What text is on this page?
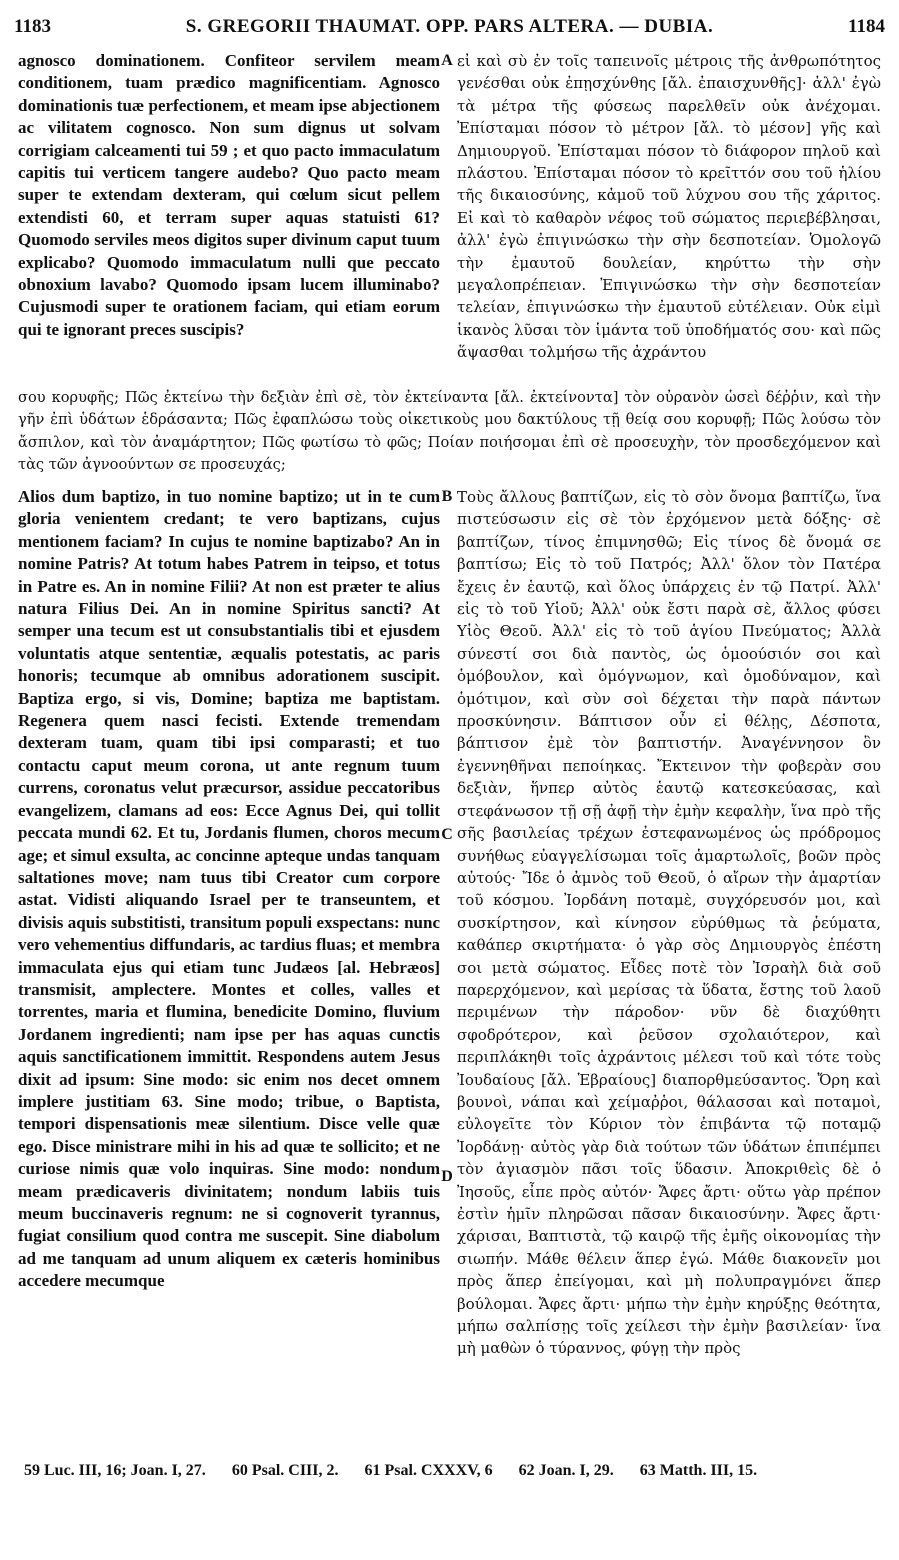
1183	S. GREGORII THAUMAT. OPP. PARS ALTERA. — DUBIA.	1184

agnosco dominationem. Confiteor servilem meam conditionem, tuam prædico magnificentiam. Agnosco dominationis tuæ perfectionem, et meam ipse abjectionem ac vilitatem cognosco. Non sum dignus ut solvam corrigiam calceamenti tui 59 ; et quo pacto immaculatum capitis tui verticem tangere audebo? Quo pacto meam super te extendam dexteram, qui cœlum sicut pellem extendisti 60, et terram super aquas statuisti 61? Quomodo serviles meos digitos super divinum caput tuum explicabo? Quomodo immaculatum nulli que peccato obnoxium lavabo? Quomodo ipsam lucem illuminabo? Cujusmodi super te orationem faciam, qui etiam eorum qui te ignorant preces suscipis?

εἰ καὶ σὺ ἐν τοῖς ταπεινοῖς μέτροις τῆς ἀνθρωπότητος γενέσθαι οὐκ ἐπῃσχύνθης [ἄλ. ἐπαισχυνθῆς]· ἀλλ' ἐγὼ τὰ μέτρα τῆς φύσεως παρελθεῖν οὐκ ἀνέχομαι. Ἐπίσταμαι πόσον τὸ μέτρον [ἄλ. τὸ μέσον] γῆς καὶ Δημιουργοῦ. Ἐπίσταμαι πόσον τὸ διάφορον πηλοῦ καὶ πλάστου. Ἐπίσταμαι πόσον τὸ κρεῖττόν σου τοῦ ἡλίου τῆς δικαιοσύνης, κἀμοῦ τοῦ λύχνου σου τῆς χάριτος. Εἰ καὶ τὸ καθαρὸν νέφος τοῦ σώματος περιεβέβλησαι, ἀλλ' ἐγὼ ἐπιγινώσκω τὴν σὴν δεσποτείαν. Ὁμολογῶ τὴν ἐμαυτοῦ δουλείαν, κηρύττω τὴν σὴν μεγαλοπρέπειαν. Ἐπιγινώσκω τὴν σὴν δεσποτείαν τελείαν, ἐπιγινώσκω τὴν ἐμαυτοῦ εὐτέλειαν. Οὐκ εἰμὶ ἱκανὸς λῦσαι τὸν ἱμάντα τοῦ ὑποδήματός σου· καὶ πῶς ἅψασθαι τολμήσω τῆς ἀχράντου

σου κορυφῆς; Πῶς ἐκτείνω τὴν δεξιὰν ἐπὶ σὲ, τὸν ἐκτείναντα [ἄλ. ἐκτείνοντα] τὸν οὐρανὸν ὡσεὶ δέῤῥιν, καὶ τὴν γῆν ἐπὶ ὑδάτων ἑδράσαντα; Πῶς ἐφαπλώσω τοὺς οἰκετικοὺς μου δακτύλους τῇ θείᾳ σου κορυφῇ; Πῶς λούσω τὸν ἄσπιλον, καὶ τὸν ἀναμάρτητον; Πῶς φωτίσω τὸ φῶς; Ποίαν ποιήσομαι ἐπὶ σὲ προσευχὴν, τὸν προσδεχόμενον καὶ τὰς τῶν ἀγνοούντων σε προσευχάς;

Alios dum baptizo, in tuo nomine baptizo; ut in te cum gloria venientem credant; te vero baptizans, cujus mentionem faciam? In cujus te nomine baptizabo? An in nomine Patris? At totum habes Patrem in teipso, et totus in Patre es. An in nomine Filii? At non est præter te alius natura Filius Dei. An in nomine Spiritus sancti? At semper una tecum est ut consubstantialis tibi et ejusdem voluntatis atque sententiæ, æqualis potestatis, ac paris honoris; tecumque ab omnibus adorationem suscipit. Baptiza ergo, si vis, Domine; baptiza me baptistam. Regenera quem nasci fecisti. Extende tremendam dexteram tuam, quam tibi ipsi comparasti; et tuo contactu caput meum corona, ut ante regnum tuum currens, coronatus velut præcursor, assidue peccatoribus evangelizem, clamans ad eos: Ecce Agnus Dei, qui tollit peccata mundi 62. Et tu, Jordanis flumen, choros mecum age; et simul exsulta, ac concinne apteque undas tanquam saltationes move; nam tuus tibi Creator cum corpore astat. Vidisti aliquando Israel per te transeuntem, et divisis aquis substitisti, transitum populi exspectans: nunc vero vehementius diffundaris, ac tardius fluas; et membra immaculata ejus qui etiam tunc Judæos [al. Hebræos] transmisit, amplectere. Montes et colles, valles et torrentes, maria et flumina, benedicite Domino, fluvium Jordanem ingredienti; nam ipse per has aquas cunctis aquis sanctificationem immittit. Respondens autem Jesus dixit ad ipsum: Sine modo: sic enim nos decet omnem implere justitiam 63. Sine modo; tribue, o Baptista, tempori dispensationis meæ silentium. Disce velle quæ ego. Disce ministrare mihi in his ad quæ te sollicito; et ne curiose nimis quæ volo inquiras. Sine modo: nondum meam prædicaveris divinitatem; nondum labiis tuis meum buccinaveris regnum: ne si cognoverit tyrannus, fugiat consilium quod contra me suscepit. Sine diabolum ad me tanquam ad unum aliquem ex cæteris hominibus accedere mecumque

Τοὺς ἄλλους βαπτίζων, εἰς τὸ σὸν ὄνομα βαπτίζω, ἵνα πιστεύσωσιν εἰς σὲ τὸν ἐρχόμενον μετὰ δόξης· σὲ βαπτίζων, τίνος ἐπιμνησθῶ; Εἰς τίνος δὲ ὄνομά σε βαπτίσω; Εἰς τὸ τοῦ Πατρός; Ἀλλ' ὅλον τὸν Πατέρα ἔχεις ἐν ἑαυτῷ, καὶ ὅλος ὑπάρχεις ἐν τῷ Πατρί. Ἀλλ' εἰς τὸ τοῦ Υἱοῦ; Ἀλλ' οὐκ ἔστι παρὰ σὲ, ἄλλος φύσει Υἱὸς Θεοῦ. Ἀλλ' εἰς τὸ τοῦ ἁγίου Πνεύματος; Ἀλλὰ σύνεστί σοι διὰ παντὸς, ὡς ὁμοούσιόν σοι καὶ ὁμόβουλον, καὶ ὁμόγνωμον, καὶ ὁμοδύναμον, καὶ ὁμότιμον, καὶ σὺν σοὶ δέχεται τὴν παρὰ πάντων προσκύνησιν. Βάπτισον οὖν εἰ θέλῃς, Δέσποτα, βάπτισον ἐμὲ τὸν βαπτιστήν. Ἀναγέννησον ὃν ἐγεννηθῆναι πεποίηκας. Ἔκτεινον τὴν φοβερὰν σου δεξιὰν, ἥνπερ αὐτὸς ἑαυτῷ κατεσκεύασας, καὶ στεφάνωσον τῇ σῇ ἀφῇ τὴν ἐμὴν κεφαλὴν, ἵνα πρὸ τῆς σῆς βασιλείας τρέχων ἐστεφανωμένος ὡς πρόδρομος συνήθως εὐαγγελίσωμαι τοῖς ἁμαρτωλοῖς, βοῶν πρὸς αὐτούς· Ἴδε ὁ ἀμνὸς τοῦ Θεοῦ, ὁ αἴρων τὴν ἁμαρτίαν τοῦ κόσμου. Ἰορδάνη ποταμὲ, συγχόρευσόν μοι, καὶ συσκίρτησον, καὶ κίνησον εὐρύθμως τὰ ῥεύματα, καθάπερ σκιρτήματα· ὁ γὰρ σὸς Δημιουργὸς ἐπέστη σοι μετὰ σώματος. Εἶδες ποτὲ τὸν Ἰσραὴλ διὰ σοῦ παρερχόμενον, καὶ μερίσας τὰ ὕδατα, ἔστης τοῦ λαοῦ περιμένων τὴν πάροδον· νῦν δὲ διαχύθητι σφοδρότερον, καὶ ῥεῦσον σχολαιότερον, καὶ περιπλάκηθι τοῖς ἀχράντοις μέλεσι τοῦ καὶ τότε τοὺς Ἰουδαίους [ἄλ. Ἑβραίους] διαπορθμεύσαντος. Ὄρη καὶ βουνοὶ, νάπαι καὶ χείμαῤῥοι, θάλασσαι καὶ ποταμοὶ, εὐλογεῖτε τὸν Κύριον τὸν ἐπιβάντα τῷ ποταμῷ Ἰορδάνῃ· αὐτὸς γὰρ διὰ τούτων τῶν ὑδάτων ἐπιπέμπει τὸν ἁγιασμὸν πᾶσι τοῖς ὕδασιν. Ἀποκριθεὶς δὲ ὁ Ἰησοῦς, εἶπε πρὸς αὐτόν· Ἄφες ἄρτι· οὕτω γὰρ πρέπον ἐστὶν ἡμῖν πληρῶσαι πᾶσαν δικαιοσύνην. Ἄφες ἄρτι· χάρισαι, Βαπτιστὰ, τῷ καιρῷ τῆς ἐμῆς οἰκονομίας τὴν σιωπήν. Μάθε θέλειν ἅπερ ἐγώ. Μάθε διακονεῖν μοι πρὸς ἅπερ ἐπείγομαι, καὶ μὴ πολυπραγμόνει ἅπερ βούλομαι. Ἄφες ἄρτι· μήπω τὴν ἐμὴν κηρύξῃς θεότητα, μήπω σαλπίσῃς τοῖς χείλεσι τὴν ἐμὴν βασιλείαν· ἵνα μὴ μαθὼν ὁ τύραννος, φύγῃ τὴν πρὸς

A
B
C
D
59 Luc. III, 16; Joan. I, 27. 60 Psal. CIII, 2. 61 Psal. CXXXV, 6 62 Joan. I, 29. 63 Matth. III, 15.
